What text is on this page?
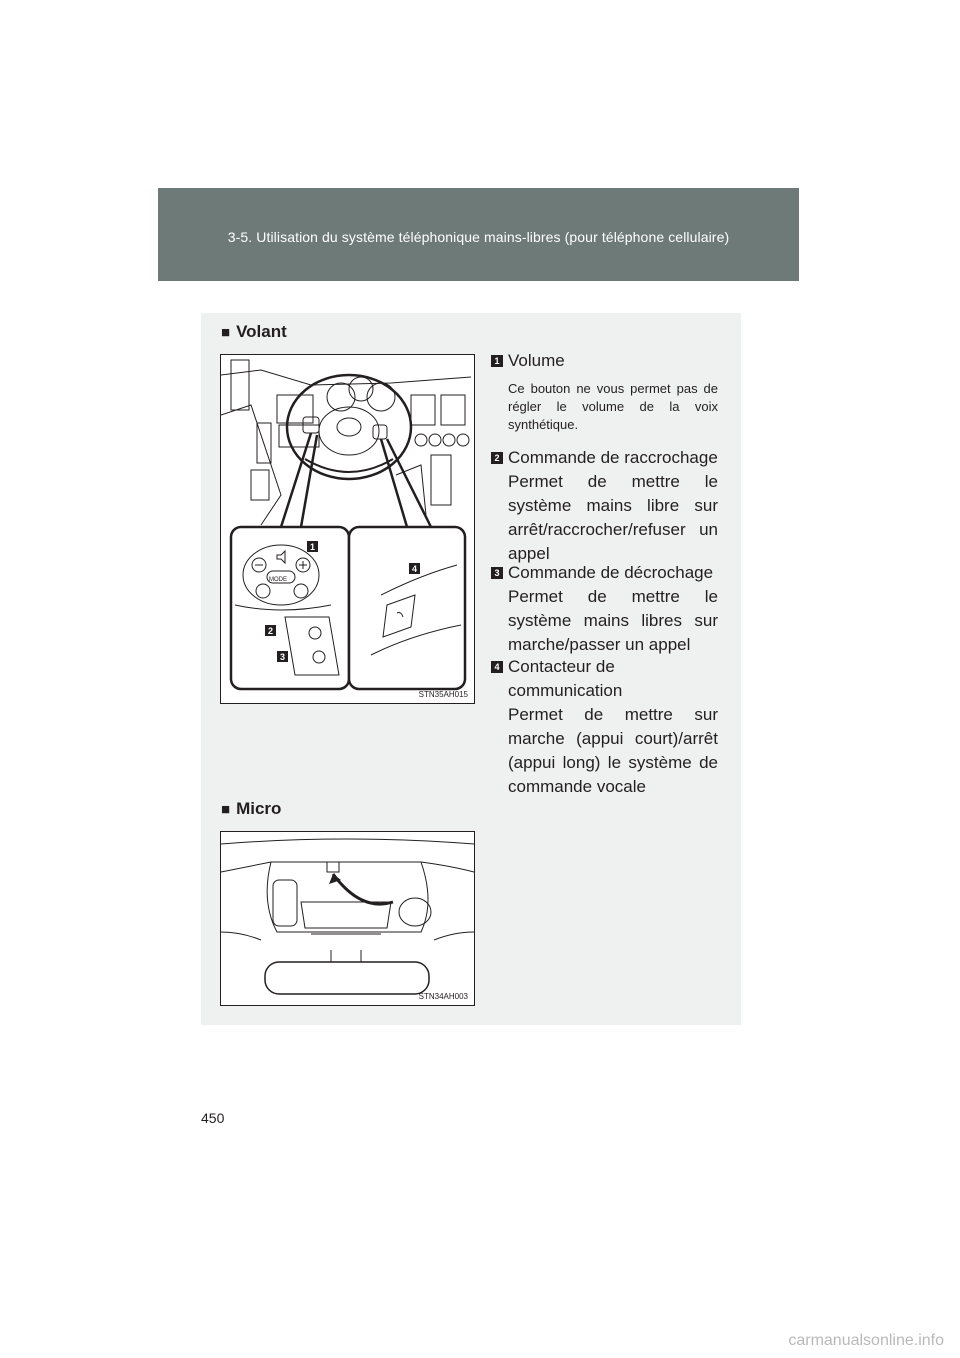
3-5. Utilisation du système téléphonique mains-libres (pour téléphone cellulaire)
■ Volant
MODE
1
2
3
4
STN35AH015
1 Volume
Ce bouton ne vous permet pas de régler le volume de la voix synthétique.
2 Commande de raccrochage
Permet de mettre le système mains libre sur arrêt/raccrocher/refuser un appel
3 Commande de décrochage
Permet de mettre le système mains libres sur marche/passer un appel
4 Contacteur de communication
Permet de mettre sur marche (appui court)/arrêt (appui long) le système de commande vocale
■ Micro
STN34AH003
450
carmanualsonline.info
